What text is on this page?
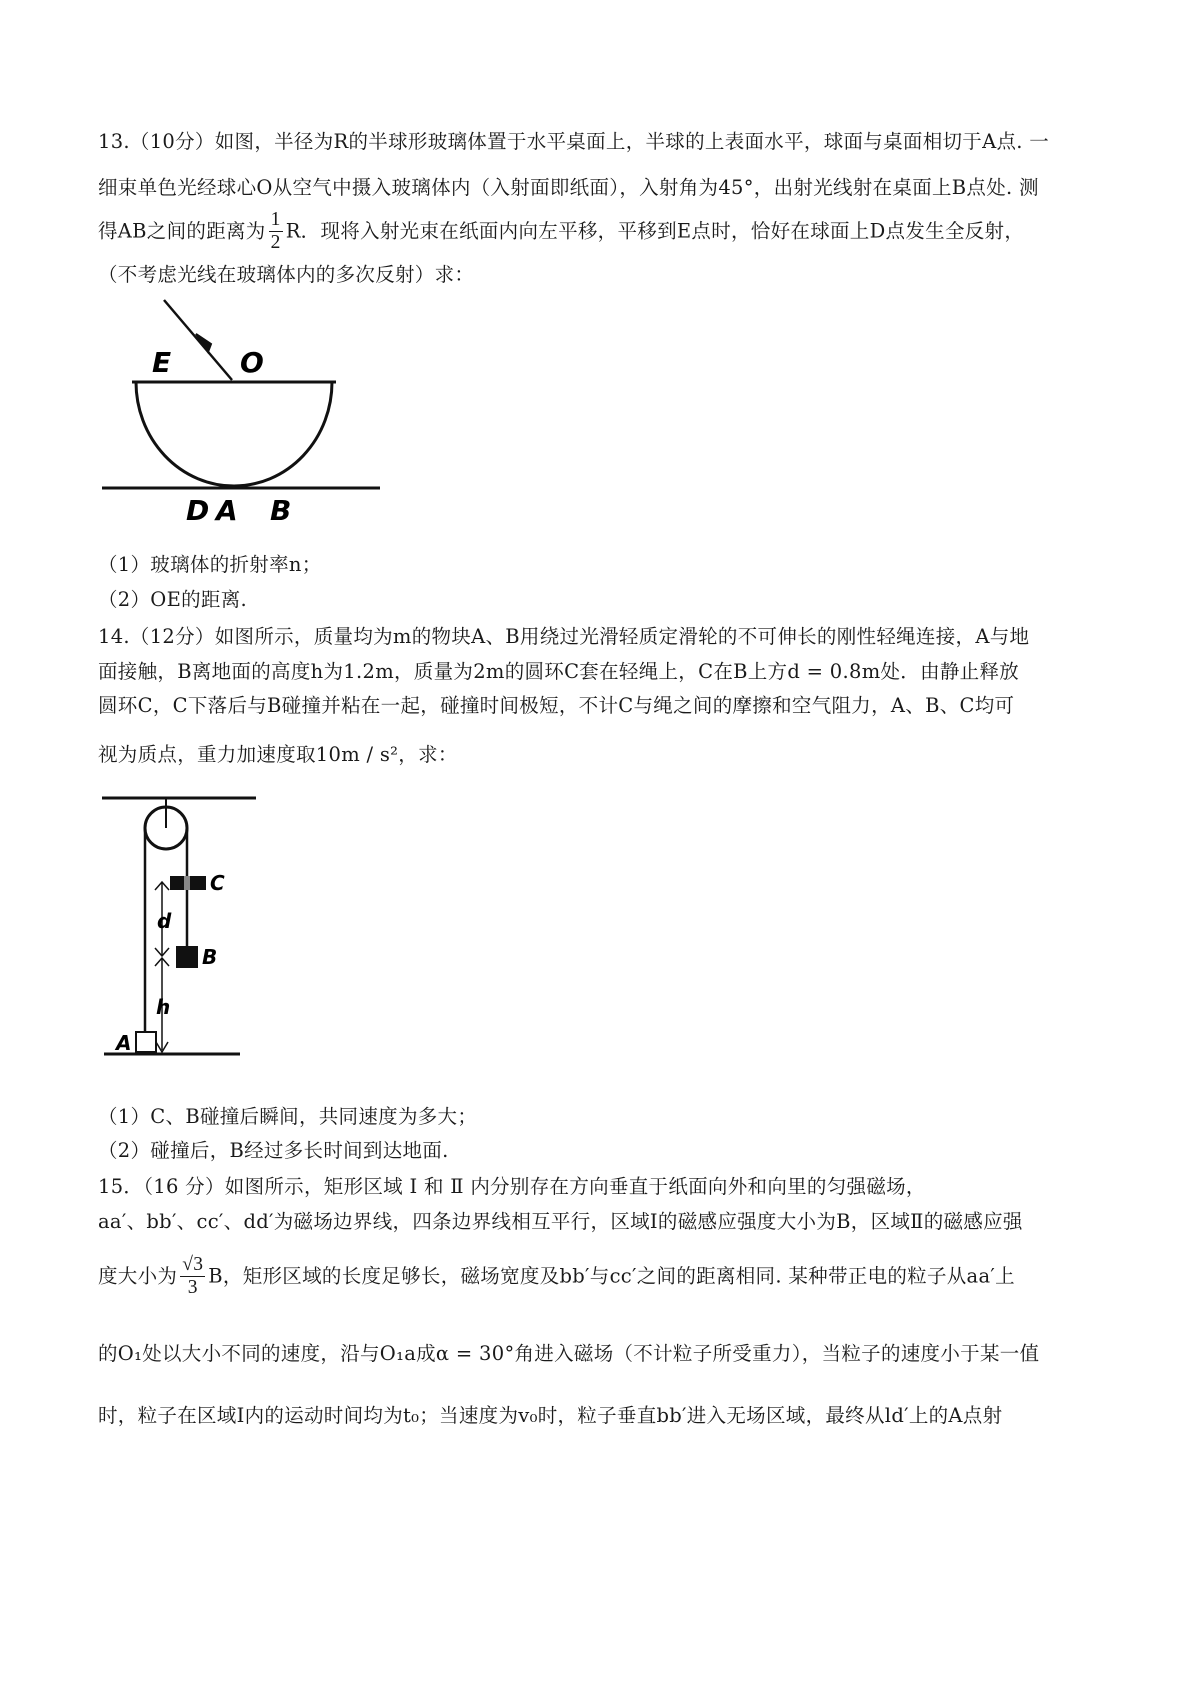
13.（10分）如图，半径为R的半球形玻璃体置于水平桌面上，半球的上表面水平，球面与桌面相切于A点. 一
细束单色光经球心O从空气中摄入玻璃体内（入射面即纸面），入射角为45°，出射光线射在桌面上B点处. 测
得AB之间的距离为 $\frac{1}{2}$ R．现将入射光束在纸面内向左平移，平移到E点时，恰好在球面上D点发生全反射，
（不考虑光线在玻璃体内的多次反射）求：
E O
D A B
（1）玻璃体的折射率n；
（2）OE的距离.
14.（12分）如图所示，质量均为m的物块A、B用绕过光滑轻质定滑轮的不可伸长的刚性轻绳连接，A与地
面接触，B离地面的高度h为1.2m，质量为2m的圆环C套在轻绳上，C在B上方d = 0.8m处．由静止释放
圆环C，C下落后与B碰撞并粘在一起，碰撞时间极短，不计C与绳之间的摩擦和空气阻力，A、B、C均可
视为质点，重力加速度取10m / s²，求：
C
d
B
h
A
（1）C、B碰撞后瞬间，共同速度为多大；
（2）碰撞后，B经过多长时间到达地面.
15．（16 分）如图所示，矩形区域 Ⅰ 和 Ⅱ 内分别存在方向垂直于纸面向外和向里的匀强磁场，
aa′、bb′、cc′、dd′为磁场边界线，四条边界线相互平行，区域Ⅰ的磁感应强度大小为B，区域Ⅱ的磁感应强
度大小为 $\frac{√3}{3}$ B，矩形区域的长度足够长，磁场宽度及bb′与cc′之间的距离相同. 某种带正电的粒子从aa′上
的O₁处以大小不同的速度，沿与O₁a成α = 30°角进入磁场（不计粒子所受重力），当粒子的速度小于某一值
时，粒子在区域Ⅰ内的运动时间均为t₀；当速度为v₀时，粒子垂直bb′进入无场区域，最终从ld′上的A点射
